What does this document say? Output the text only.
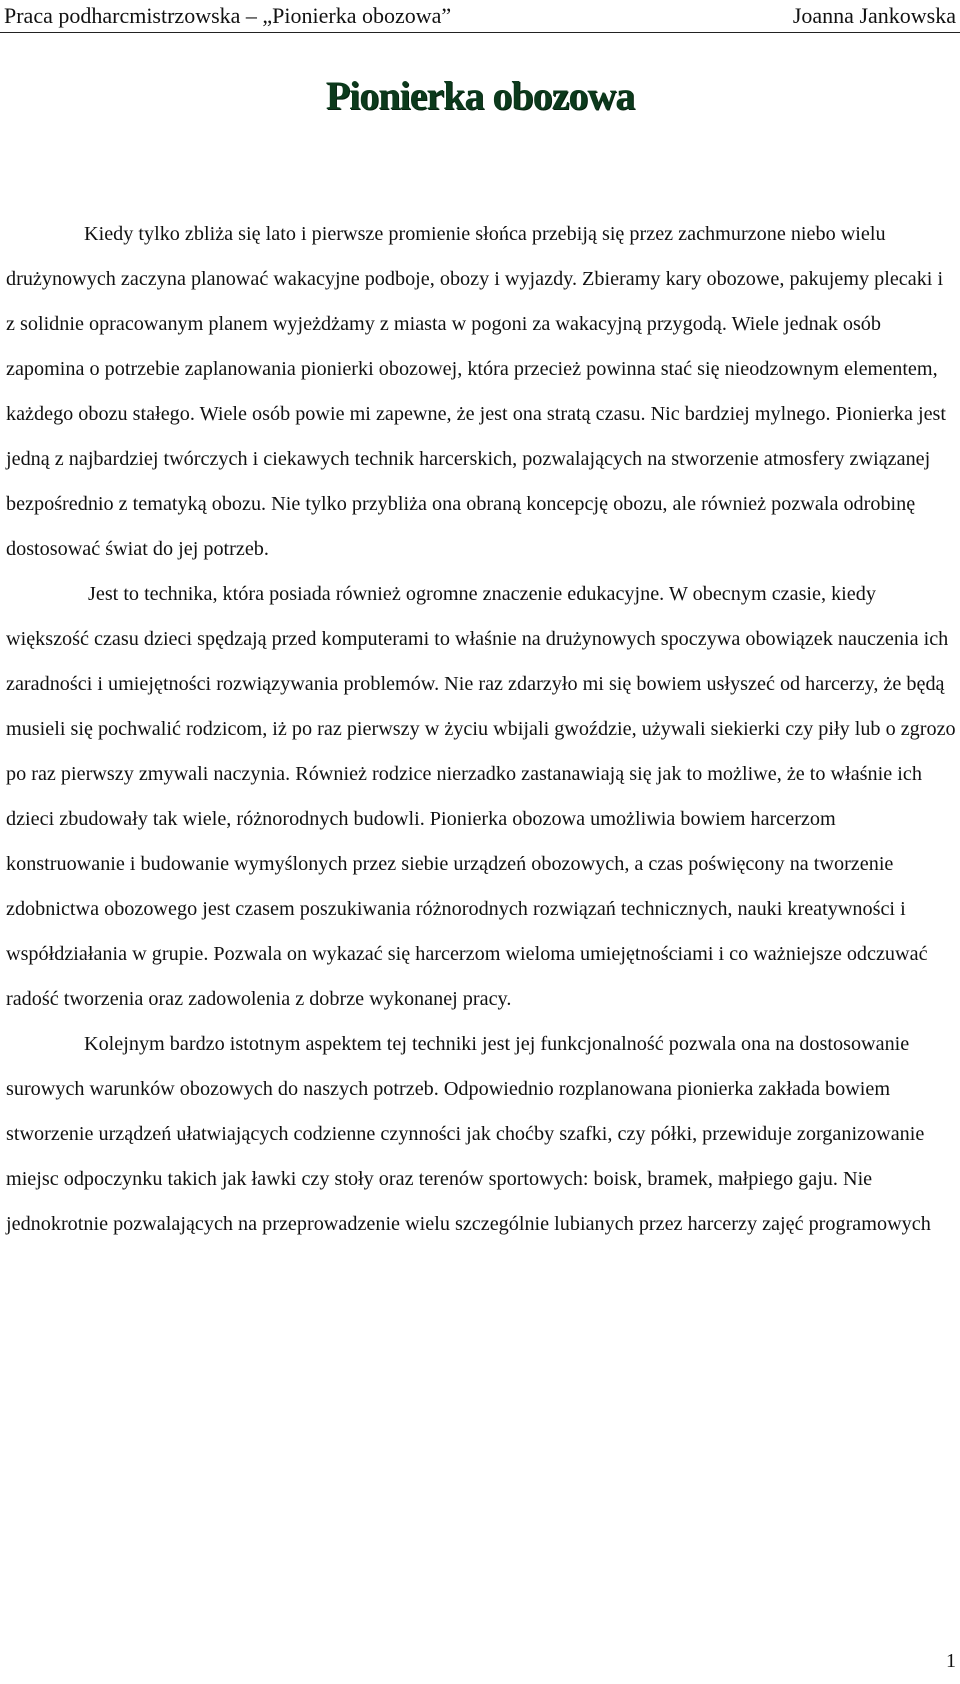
Praca podharcmistrzowska – „Pionierka obozowa”	Joanna Jankowska
Pionierka obozowa

Kiedy tylko zbliża się lato i pierwsze promienie słońca przebiją się przez zachmurzone niebo wielu drużynowych zaczyna planować wakacyjne podboje, obozy i wyjazdy. Zbieramy kary obozowe, pakujemy plecaki i z solidnie opracowanym planem wyjeżdżamy z miasta w pogoni za wakacyjną przygodą. Wiele jednak osób zapomina o potrzebie zaplanowania pionierki obozowej, która przecież powinna stać się nieodzownym elementem, każdego obozu stałego. Wiele osób powie mi zapewne, że jest ona stratą czasu. Nic bardziej mylnego. Pionierka jest jedną z najbardziej twórczych i ciekawych technik harcerskich, pozwalających na stworzenie atmosfery związanej bezpośrednio z tematyką obozu. Nie tylko przybliża ona obraną koncepcję obozu, ale również pozwala odrobinę dostosować świat do jej potrzeb.

Jest to technika, która posiada również ogromne znaczenie edukacyjne. W obecnym czasie, kiedy większość czasu dzieci spędzają przed komputerami to właśnie na drużynowych spoczywa obowiązek nauczenia ich zaradności i umiejętności rozwiązywania problemów. Nie raz zdarzyło mi się bowiem usłyszeć od harcerzy, że będą musieli się pochwalić rodzicom, iż po raz pierwszy w życiu wbijali gwoździe, używali siekierki czy piły lub o zgrozo po raz pierwszy zmywali naczynia. Również rodzice nierzadko zastanawiają się jak to możliwe, że to właśnie ich dzieci zbudowały tak wiele, różnorodnych budowli. Pionierka obozowa umożliwia bowiem harcerzom konstruowanie i budowanie wymyślonych przez siebie urządzeń obozowych, a czas poświęcony na tworzenie zdobnictwa obozowego jest czasem poszukiwania różnorodnych rozwiązań technicznych, nauki kreatywności i współdziałania w grupie. Pozwala on wykazać się harcerzom wieloma umiejętnościami i co ważniejsze odczuwać radość tworzenia oraz zadowolenia z dobrze wykonanej pracy.

Kolejnym bardzo istotnym aspektem tej techniki jest jej funkcjonalność pozwala ona na dostosowanie surowych warunków obozowych do naszych potrzeb. Odpowiednio rozplanowana pionierka zakłada bowiem stworzenie urządzeń ułatwiających codzienne czynności jak choćby szafki, czy półki, przewiduje zorganizowanie miejsc odpoczynku takich jak ławki czy stoły oraz terenów sportowych: boisk, bramek, małpiego gaju. Nie jednokrotnie pozwalających na przeprowadzenie wielu szczególnie lubianych przez harcerzy zajęć programowych

1
